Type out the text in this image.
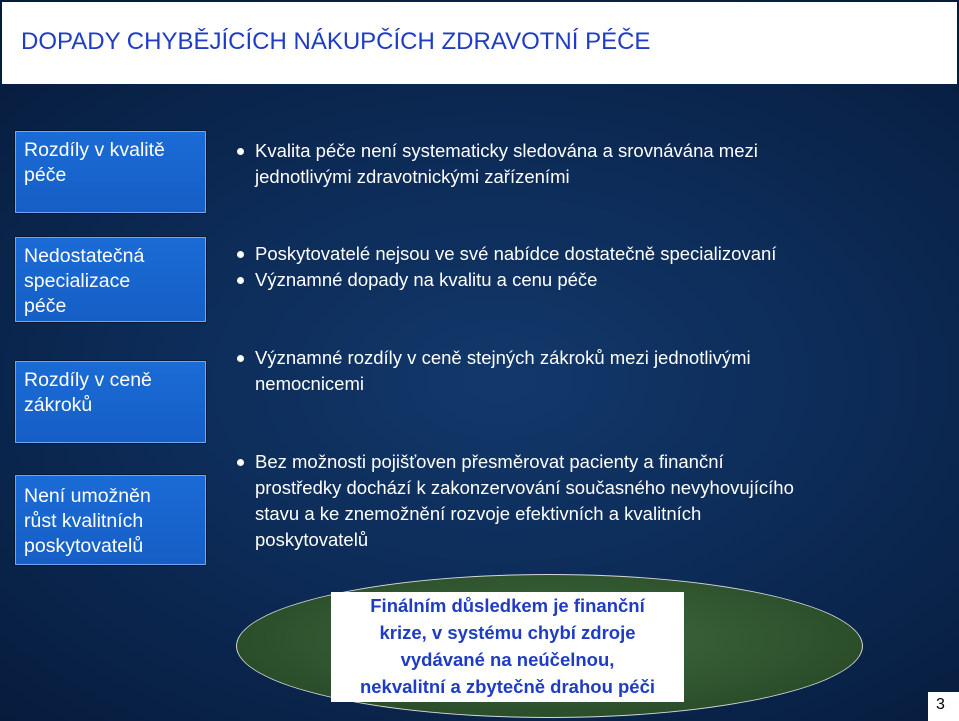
DOPADY CHYBĚJÍCÍCH NÁKUPČÍCH ZDRAVOTNÍ PÉČE
Rozdíly v kvalitě
péče
Kvalita péče není systematicky sledována a srovnávána mezi
jednotlivými zdravotnickými zařízeními
Nedostatečná
specializace
péče
Poskytovatelé nejsou ve své nabídce dostatečně specializovaní
Významné dopady na kvalitu a cenu péče
Rozdíly v ceně
zákroků
Významné rozdíly v ceně stejných zákroků mezi jednotlivými
nemocnicemi
Není umožněn
růst kvalitních
poskytovatelů
Bez možnosti pojišťoven přesměrovat pacienty a finanční
prostředky dochází k zakonzervování současného nevyhovujícího
stavu a ke znemožnění rozvoje efektivních a kvalitních
poskytovatelů
Finálním důsledkem je finanční
krize, v systému chybí zdroje
vydávané na neúčelnou,
nekvalitní a zbytečně drahou péči
3
